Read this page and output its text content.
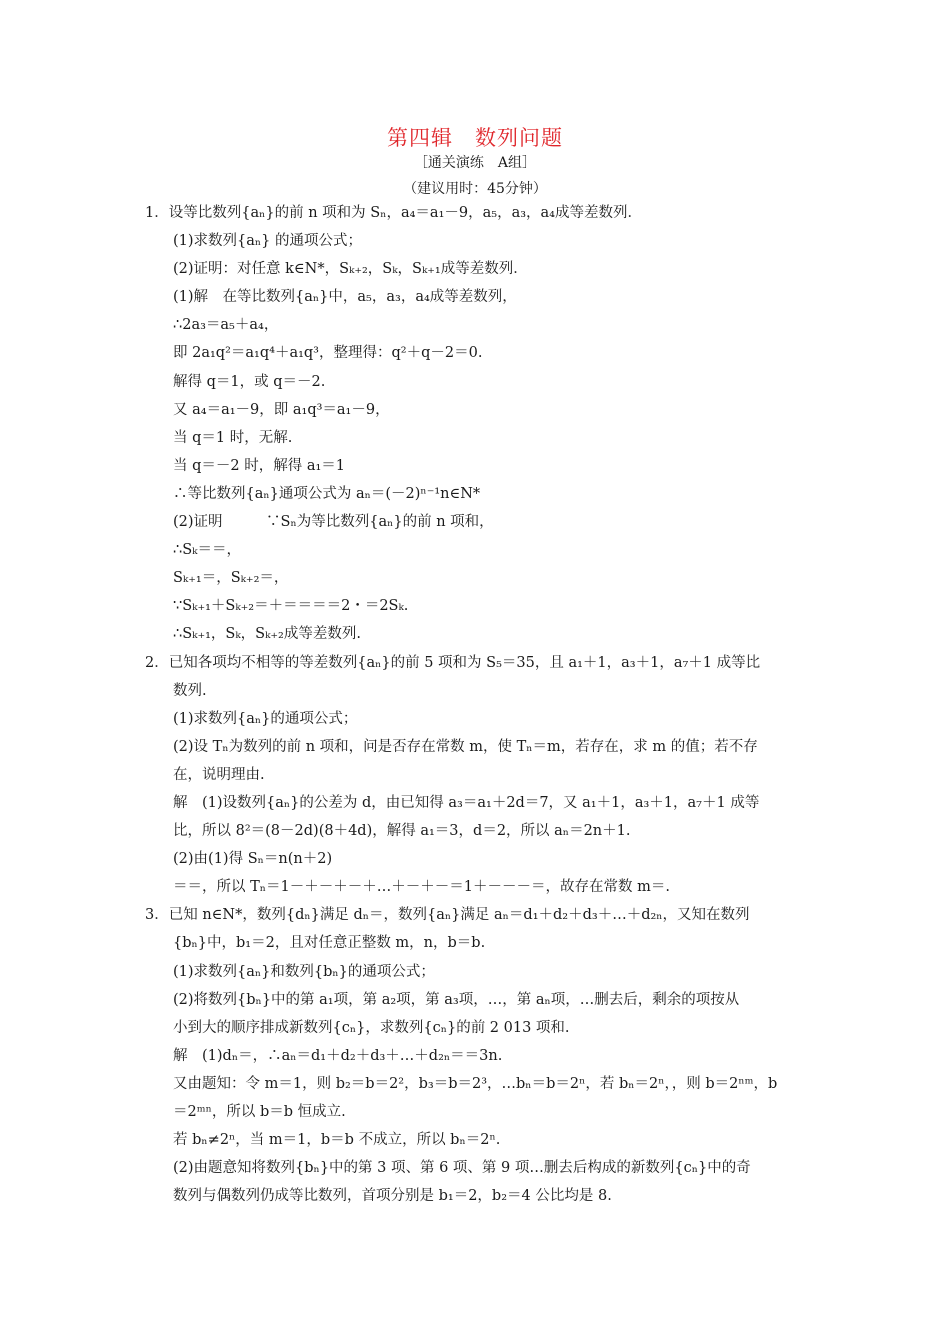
第四辑　数列问题
［通关演练　A组］
（建议用时：45分钟）
1．设等比数列{aₙ}的前 n 项和为 Sₙ，a₄＝a₁－9，a₅，a₃，a₄成等差数列．
(1)求数列{aₙ} 的通项公式；
(2)证明：对任意 k∈N*，Sₖ₊₂，Sₖ，Sₖ₊₁成等差数列．
(1)解　在等比数列{aₙ}中，a₅，a₃，a₄成等差数列，
∴2a₃＝a₅＋a₄，
即 2a₁q²＝a₁q⁴＋a₁q³，整理得：q²＋q－2＝0.
解得 q＝1，或 q＝－2.
又 a₄＝a₁－9，即 a₁q³＝a₁－9，
当 q＝1 时，无解.
当 q＝－2 时，解得 a₁＝1
∴等比数列{aₙ}通项公式为 aₙ＝(－2)ⁿ⁻¹n∈N*
(2)证明　　　∵Sₙ为等比数列{aₙ}的前 n 项和，
∴Sₖ＝＝，
Sₖ₊₁＝，Sₖ₊₂＝，
∵Sₖ₊₁＋Sₖ₊₂＝＋＝＝＝＝2・＝2Sₖ.
∴Sₖ₊₁，Sₖ，Sₖ₊₂成等差数列.
2．已知各项均不相等的等差数列{aₙ}的前 5 项和为 S₅＝35，且 a₁＋1，a₃＋1，a₇＋1 成等比
数列.
(1)求数列{aₙ}的通项公式；
(2)设 Tₙ为数列的前 n 项和，问是否存在常数 m，使 Tₙ＝m，若存在，求 m 的值；若不存
在，说明理由.
解　(1)设数列{aₙ}的公差为 d，由已知得 a₃＝a₁＋2d＝7，又 a₁＋1，a₃＋1，a₇＋1 成等
比，所以 8²＝(8－2d)(8＋4d)，解得 a₁＝3，d＝2，所以 aₙ＝2n＋1.
(2)由(1)得 Sₙ＝n(n＋2)
＝＝，所以 Tₙ＝1－＋－＋－＋…＋－＋－＝1＋－－－＝，故存在常数 m＝.
3．已知 n∈N*，数列{dₙ}满足 dₙ＝，数列{aₙ}满足 aₙ＝d₁＋d₂＋d₃＋…＋d₂ₙ，又知在数列
{bₙ}中，b₁＝2，且对任意正整数 m，n，b＝b.
(1)求数列{aₙ}和数列{bₙ}的通项公式；
(2)将数列{bₙ}中的第 a₁项，第 a₂项，第 a₃项，…，第 aₙ项，…删去后，剩余的项按从
小到大的顺序排成新数列{cₙ}，求数列{cₙ}的前 2 013 项和.
解　(1)dₙ＝，∴aₙ＝d₁＋d₂＋d₃＋…＋d₂ₙ＝＝3n.
又由题知：令 m＝1，则 b₂＝b＝2²，b₃＝b＝2³，…bₙ＝b＝2ⁿ，若 bₙ＝2ⁿ，，则 b＝2ⁿᵐ，b
＝2ᵐⁿ，所以 b＝b 恒成立.
若 bₙ≠2ⁿ，当 m＝1，b＝b 不成立，所以 bₙ＝2ⁿ.
(2)由题意知将数列{bₙ}中的第 3 项、第 6 项、第 9 项…删去后构成的新数列{cₙ}中的奇
数列与偶数列仍成等比数列，首项分别是 b₁＝2，b₂＝4 公比均是 8.
